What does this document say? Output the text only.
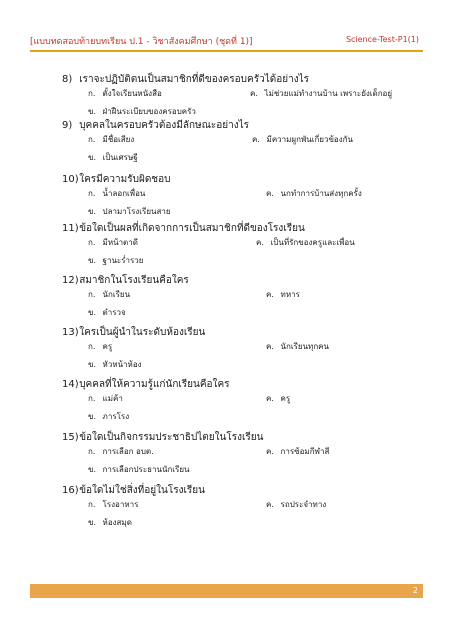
[แบบทดสอบท้ายบทเรียน ป.1 - วิชาสังคมศึกษา (ชุดที่ 1)]	Science-Test-P1(1)
8) เราจะปฏิบัติตนเป็นสมาชิกที่ดีของครอบครัวได้อย่างไร
ก. ตั้งใจเรียนหนังสือ	ค. ไม่ช่วยแม่ทำงานบ้าน เพราะยังเด็กอยู่
ข. ฝ่าฝืนระเบียบของครอบครัว
9) บุคคลในครอบครัวต้องมีลักษณะอย่างไร
ก. มีชื่อเสียง	ค. มีความผูกพันเกี่ยวข้องกัน
ข. เป็นเศรษฐี
10) ใครมีความรับผิดชอบ
ก. น้ำลอกเพื่อน	ค. นกทำการบ้านส่งทุกครั้ง
ข. ปลามาโรงเรียนสาย
11) ข้อใดเป็นผลที่เกิดจากการเป็นสมาชิกที่ดีของโรงเรียน
ก. มีหน้าตาดี	ค. เป็นที่รักของครูและเพื่อน
ข. ฐานะร่ำรวย
12) สมาชิกในโรงเรียนคือใคร
ก. นักเรียน	ค. ทหาร
ข. ตำรวจ
13) ใครเป็นผู้นำในระดับห้องเรียน
ก. ครู	ค. นักเรียนทุกคน
ข. หัวหน้าห้อง
14) บุคคลที่ให้ความรู้แก่นักเรียนคือใคร
ก. แม่ค้า	ค. ครู
ข. ภารโรง
15) ข้อใดเป็นกิจกรรมประชาธิปไตยในโรงเรียน
ก. การเลือก อบต.	ค. การซ้อมกีฬาสี
ข. การเลือกประธานนักเรียน
16) ข้อใดไม่ใช่สิ่งที่อยู่ในโรงเรียน
ก. โรงอาหาร	ค. รถประจำทาง
ข. ห้องสมุด
2
